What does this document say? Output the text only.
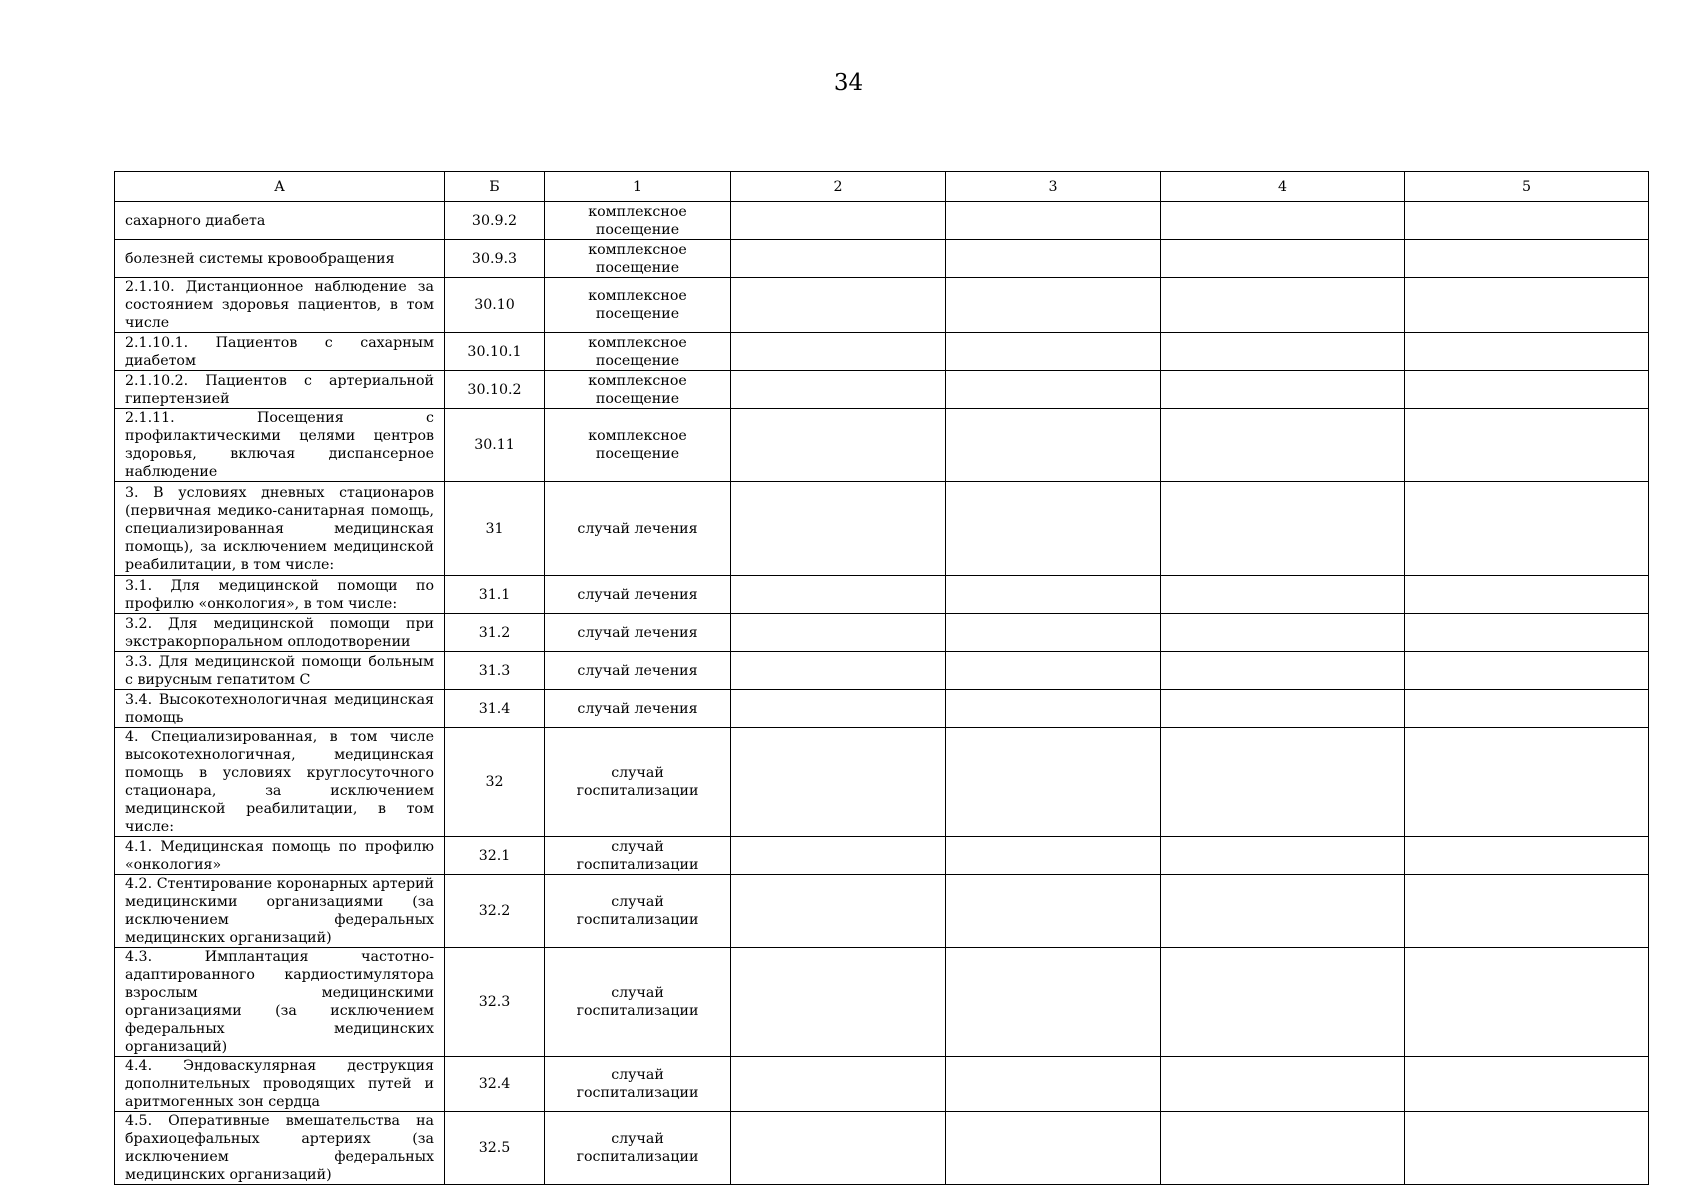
34
А	Б	1	2	3	4	5
сахарного диабета	30.9.2	комплексное посещение				
болезней системы кровообращения	30.9.3	комплексное посещение				
2.1.10. Дистанционное наблюдение за состоянием здоровья пациентов, в том числе	30.10	комплексное посещение				
2.1.10.1. Пациентов с сахарным диабетом	30.10.1	комплексное посещение				
2.1.10.2. Пациентов с артериальной гипертензией	30.10.2	комплексное посещение				
2.1.11. Посещения с профилактическими целями центров здоровья, включая диспансерное наблюдение	30.11	комплексное посещение				
3. В условиях дневных стационаров (первичная медико-санитарная помощь, специализированная медицинская помощь), за исключением медицинской реабилитации, в том числе:	31	случай лечения				
3.1. Для медицинской помощи по профилю «онкология», в том числе:	31.1	случай лечения				
3.2. Для медицинской помощи при экстракорпоральном оплодотворении	31.2	случай лечения				
3.3. Для медицинской помощи больным с вирусным гепатитом С	31.3	случай лечения				
3.4. Высокотехнологичная медицинская помощь	31.4	случай лечения				
4. Специализированная, в том числе высокотехнологичная, медицинская помощь в условиях круглосуточного стационара, за исключением медицинской реабилитации, в том числе:	32	случай госпитализации				
4.1. Медицинская помощь по профилю «онкология»	32.1	случай госпитализации				
4.2. Стентирование коронарных артерий медицинскими организациями (за исключением федеральных медицинских организаций)	32.2	случай госпитализации				
4.3. Имплантация частотно-адаптированного кардиостимулятора взрослым медицинскими организациями (за исключением федеральных медицинских организаций)	32.3	случай госпитализации				
4.4. Эндоваскулярная деструкция дополнительных проводящих путей и аритмогенных зон сердца	32.4	случай госпитализации				
4.5. Оперативные вмешательства на брахиоцефальных артериях (за исключением федеральных медицинских организаций)	32.5	случай госпитализации				
